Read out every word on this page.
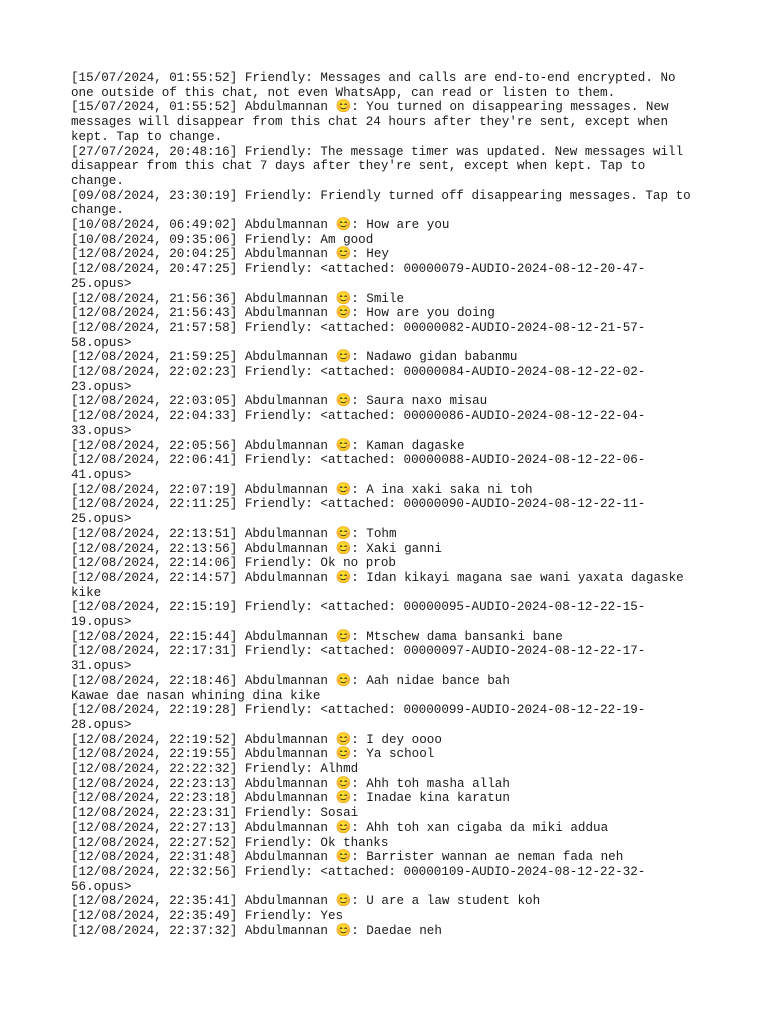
[15/07/2024, 01:55:52] Friendly: Messages and calls are end-to-end encrypted. No one outside of this chat, not even WhatsApp, can read or listen to them.
[15/07/2024, 01:55:52] Abdulmannan 😊: You turned on disappearing messages. New messages will disappear from this chat 24 hours after they're sent, except when kept. Tap to change.
[27/07/2024, 20:48:16] Friendly: The message timer was updated. New messages will disappear from this chat 7 days after they're sent, except when kept. Tap to change.
[09/08/2024, 23:30:19] Friendly: Friendly turned off disappearing messages. Tap to change.
[10/08/2024, 06:49:02] Abdulmannan 😊: How are you
[10/08/2024, 09:35:06] Friendly: Am good
[12/08/2024, 20:04:25] Abdulmannan 😊: Hey
[12/08/2024, 20:47:25] Friendly: <attached: 00000079-AUDIO-2024-08-12-20-47-25.opus>
[12/08/2024, 21:56:36] Abdulmannan 😊: Smile
[12/08/2024, 21:56:43] Abdulmannan 😊: How are you doing
[12/08/2024, 21:57:58] Friendly: <attached: 00000082-AUDIO-2024-08-12-21-57-58.opus>
[12/08/2024, 21:59:25] Abdulmannan 😊: Nadawo gidan babanmu
[12/08/2024, 22:02:23] Friendly: <attached: 00000084-AUDIO-2024-08-12-22-02-23.opus>
[12/08/2024, 22:03:05] Abdulmannan 😊: Saura naxo misau
[12/08/2024, 22:04:33] Friendly: <attached: 00000086-AUDIO-2024-08-12-22-04-33.opus>
[12/08/2024, 22:05:56] Abdulmannan 😊: Kaman dagaske
[12/08/2024, 22:06:41] Friendly: <attached: 00000088-AUDIO-2024-08-12-22-06-41.opus>
[12/08/2024, 22:07:19] Abdulmannan 😊: A ina xaki saka ni toh
[12/08/2024, 22:11:25] Friendly: <attached: 00000090-AUDIO-2024-08-12-22-11-25.opus>
[12/08/2024, 22:13:51] Abdulmannan 😊: Tohm
[12/08/2024, 22:13:56] Abdulmannan 😊: Xaki ganni
[12/08/2024, 22:14:06] Friendly: Ok no prob
[12/08/2024, 22:14:57] Abdulmannan 😊: Idan kikayi magana sae wani yaxata dagaske kike
[12/08/2024, 22:15:19] Friendly: <attached: 00000095-AUDIO-2024-08-12-22-15-19.opus>
[12/08/2024, 22:15:44] Abdulmannan 😊: Mtschew dama bansanki bane
[12/08/2024, 22:17:31] Friendly: <attached: 00000097-AUDIO-2024-08-12-22-17-31.opus>
[12/08/2024, 22:18:46] Abdulmannan 😊: Aah nidae bance bah
Kawae dae nasan whining dina kike
[12/08/2024, 22:19:28] Friendly: <attached: 00000099-AUDIO-2024-08-12-22-19-28.opus>
[12/08/2024, 22:19:52] Abdulmannan 😊: I dey oooo
[12/08/2024, 22:19:55] Abdulmannan 😊: Ya school
[12/08/2024, 22:22:32] Friendly: Alhmd
[12/08/2024, 22:23:13] Abdulmannan 😊: Ahh toh masha allah
[12/08/2024, 22:23:18] Abdulmannan 😊: Inadae kina karatun
[12/08/2024, 22:23:31] Friendly: Sosai
[12/08/2024, 22:27:13] Abdulmannan 😊: Ahh toh xan cigaba da miki addua
[12/08/2024, 22:27:52] Friendly: Ok thanks
[12/08/2024, 22:31:48] Abdulmannan 😊: Barrister wannan ae neman fada neh
[12/08/2024, 22:32:56] Friendly: <attached: 00000109-AUDIO-2024-08-12-22-32-56.opus>
[12/08/2024, 22:35:41] Abdulmannan 😊: U are a law student koh
[12/08/2024, 22:35:49] Friendly: Yes
[12/08/2024, 22:37:32] Abdulmannan 😊: Daedae neh
